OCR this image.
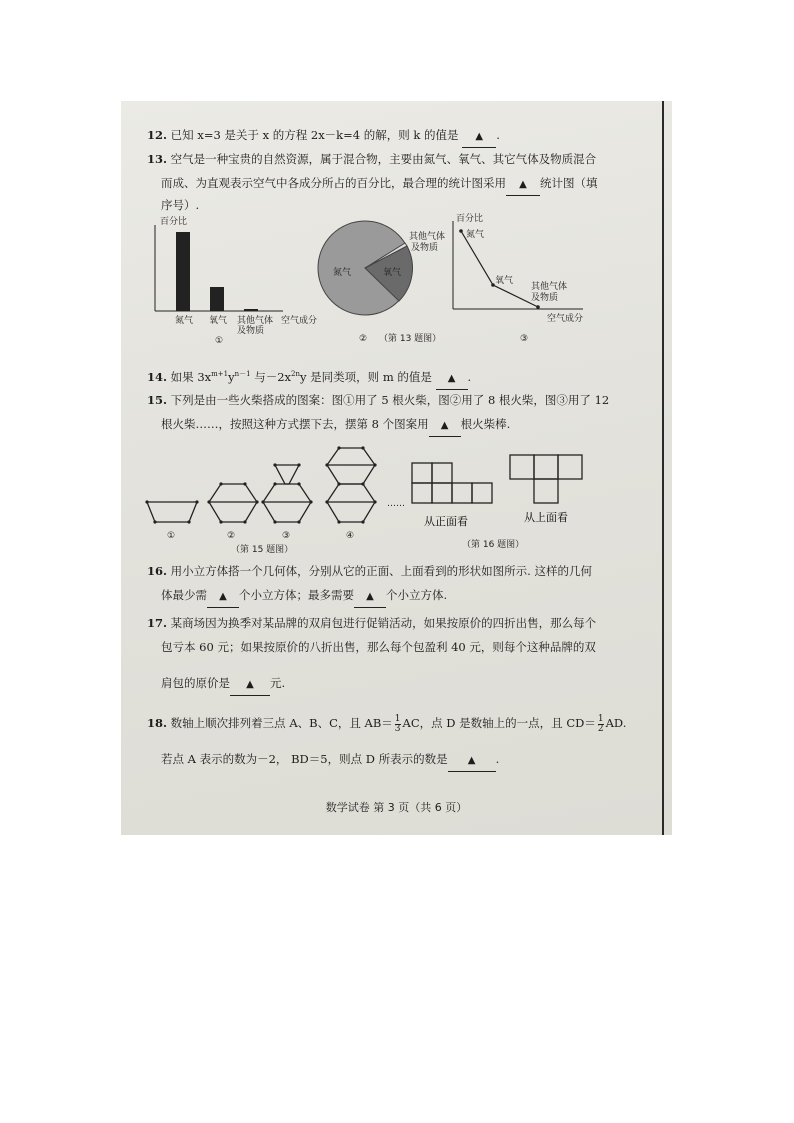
12. 已知 x=3 是关于 x 的方程 2x－k=4 的解，则 k 的值是 ▲ .
13. 空气是一种宝贵的自然资源，属于混合物，主要由氮气、氧气、其它气体及物质混合
而成、为直观表示空气中各成分所占的百分比，最合理的统计图采用 ▲ 统计图（填
序号）.
百分比
氮气 氧气 其他气体
及物质
空气成分
①
氮气	氧气
其他气体
及物质
② （第 13 题图）
百分比
氮气
氧气
其他气体
及物质
空气成分
③
14. 如果 $3x^{m+1}y^{n-1}$ 与$-2x^{2n}y$ 是同类项，则 m 的值是 ▲ .
15. 下列是由一些火柴搭成的图案：图①用了 5 根火柴，图②用了 8 根火柴，图③用了 12
根火柴……，按照这种方式摆下去，摆第 8 个图案用 ▲ 根火柴棒.
①	②	③	④
……
（第 15 题图）
从正面看	从上面看
（第 16 题图）
16. 用小立方体搭一个几何体，分别从它的正面、上面看到的形状如图所示. 这样的几何
体最少需 ▲ 个小立方体；最多需要 ▲ 个小立方体.
17. 某商场因为换季对某品牌的双肩包进行促销活动，如果按原价的四折出售，那么每个
包亏本 60 元；如果按原价的八折出售，那么每个包盈利 40 元，则每个这种品牌的双
肩包的原价是 ▲ 元.
18. 数轴上顺次排列着三点 A、B、C，且 $AB= \frac{1}{3}$ AC，点 D 是数轴上的一点，且 $CD= \frac{1}{2}$ AD.
若点 A 表示的数为－2， BD＝5，则点 D 所表示的数是 ▲ .
数学试卷 第 3 页（共 6 页）
